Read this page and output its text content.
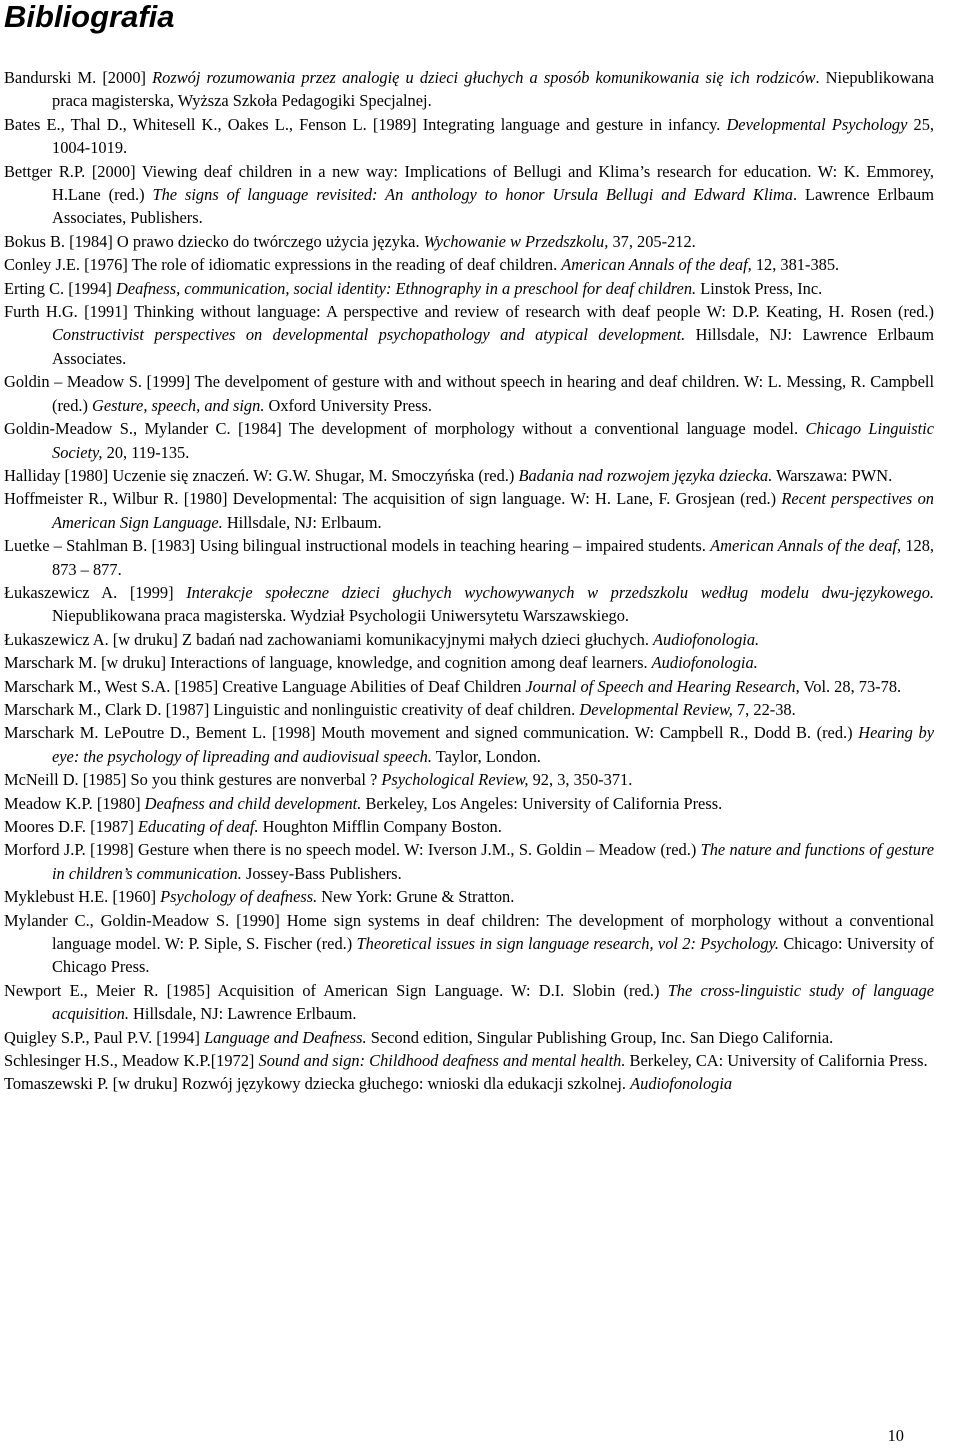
Bibliografia

Bandurski M. [2000] Rozwój rozumowania przez analogię u dzieci głuchych a sposób komunikowania się ich rodziców. Niepublikowana praca magisterska, Wyższa Szkoła Pedagogiki Specjalnej.

Bates E., Thal D., Whitesell K., Oakes L., Fenson L. [1989] Integrating language and gesture in infancy. Developmental Psychology 25, 1004-1019.

Bettger R.P. [2000] Viewing deaf children in a new way: Implications of Bellugi and Klima’s research for education. W: K. Emmorey, H.Lane (red.) The signs of language revisited: An anthology to honor Ursula Bellugi and Edward Klima. Lawrence Erlbaum Associates, Publishers.

Bokus B. [1984] O prawo dziecko do twórczego użycia języka. Wychowanie w Przedszkolu, 37, 205-212.

Conley J.E. [1976] The role of idiomatic expressions in the reading of deaf children. American Annals of the deaf, 12, 381-385.

Erting C. [1994] Deafness, communication, social identity: Ethnography in a preschool for deaf children. Linstok Press, Inc.

Furth H.G. [1991] Thinking without language: A perspective and review of research with deaf people W: D.P. Keating, H. Rosen (red.) Constructivist perspectives on developmental psychopathology and atypical development. Hillsdale, NJ: Lawrence Erlbaum Associates.

Goldin – Meadow S. [1999] The develpoment of gesture with and without speech in hearing and deaf children. W: L. Messing, R. Campbell (red.) Gesture, speech, and sign. Oxford University Press.

Goldin-Meadow S., Mylander C. [1984] The development of morphology without a conventional language model. Chicago Linguistic Society, 20, 119-135.

Halliday [1980] Uczenie się znaczeń. W: G.W. Shugar, M. Smoczyńska (red.) Badania nad rozwojem języka dziecka. Warszawa: PWN.

Hoffmeister R., Wilbur R. [1980] Developmental: The acquisition of sign language. W: H. Lane, F. Grosjean (red.) Recent perspectives on American Sign Language. Hillsdale, NJ: Erlbaum.

Luetke – Stahlman B. [1983] Using bilingual instructional models in teaching hearing – impaired students. American Annals of the deaf, 128, 873 – 877.

Łukaszewicz A. [1999] Interakcje społeczne dzieci głuchych wychowywanych w przedszkolu według modelu dwu-językowego. Niepublikowana praca magisterska. Wydział Psychologii Uniwersytetu Warszawskiego.

Łukaszewicz A. [w druku] Z badań nad zachowaniami komunikacyjnymi małych dzieci głuchych. Audiofonologia.

Marschark M. [w druku] Interactions of language, knowledge, and cognition among deaf learners. Audiofonologia.

Marschark M., West S.A. [1985] Creative Language Abilities of Deaf Children Journal of Speech and Hearing Research, Vol. 28, 73-78.

Marschark M., Clark D. [1987] Linguistic and nonlinguistic creativity of deaf children. Developmental Review, 7, 22-38.

Marschark M. LePoutre D., Bement L. [1998] Mouth movement and signed communication. W: Campbell R., Dodd B. (red.) Hearing by eye: the psychology of lipreading and audiovisual speech. Taylor, London.

McNeill D. [1985] So you think gestures are nonverbal ? Psychological Review, 92, 3, 350-371.

Meadow K.P. [1980] Deafness and child development. Berkeley, Los Angeles: University of California Press.

Moores D.F. [1987] Educating of deaf. Houghton Mifflin Company Boston.

Morford J.P. [1998] Gesture when there is no speech model. W: Iverson J.M., S. Goldin – Meadow (red.) The nature and functions of gesture in children’s communication. Jossey-Bass Publishers.

Myklebust H.E. [1960] Psychology of deafness. New York: Grune & Stratton.

Mylander C., Goldin-Meadow S. [1990] Home sign systems in deaf children: The development of morphology without a conventional language model. W: P. Siple, S. Fischer (red.) Theoretical issues in sign language research, vol 2: Psychology. Chicago: University of Chicago Press.

Newport E., Meier R. [1985] Acquisition of American Sign Language. W: D.I. Slobin (red.) The cross-linguistic study of language acquisition. Hillsdale, NJ: Lawrence Erlbaum.

Quigley S.P., Paul P.V. [1994] Language and Deafness. Second edition, Singular Publishing Group, Inc. San Diego California.

Schlesinger H.S., Meadow K.P.[1972] Sound and sign: Childhood deafness and mental health. Berkeley, CA: University of California Press.

Tomaszewski P. [w druku] Rozwój językowy dziecka głuchego: wnioski dla edukacji szkolnej. Audiofonologia

10
